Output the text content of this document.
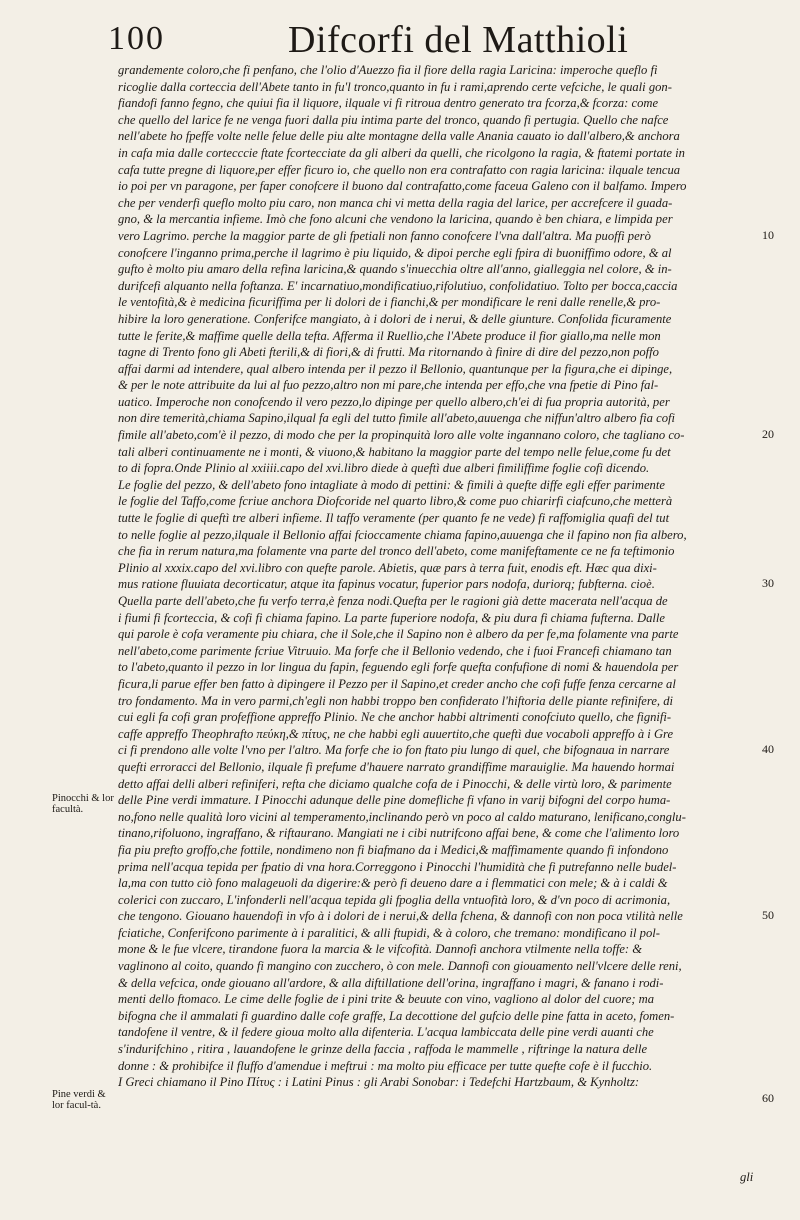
100	Difcorfi del Matthioli
grandemente coloro,che fi penfano, che l'olio d'Auezzo fia il fiore della ragia Laricina: imperoche queflo fi
ricoglie dalla corteccia dell'Abete tanto in fu'l tronco,quanto in fu i rami,aprendo certe vefciche, le quali gon-
fiandofi fanno fegno, che quiui fia il liquore, ilquale vi fi ritroua dentro generato tra fcorza,& fcorza: come
che quello del larice fe ne venga fuori dalla piu intima parte del tronco, quando fi pertugia. Quello che nafce
nell'abete ho fpeffe volte nelle felue delle piu alte montagne della valle Anania cauato io dall'albero,& anchora
in cafa mia dalle cortecccie ftate fcortecciate da gli alberi da quelli, che ricolgono la ragia, & ftatemi portate in
cafa tutte pregne di liquore,per effer ficuro io, che quello non era contrafatto con ragia laricina: ilquale tencua
io poi per vn paragone, per faper conofcere il buono dal contrafatto,come faceua Galeno con il balfamo. Impero
che per venderfi queflo molto piu caro, non manca chi vi metta della ragia del larice, per accrefcere il guada-
gno, & la mercantia infieme. Imò che fono alcuni che vendono la laricina, quando è ben chiara, e limpida per
vero Lagrimo. perche la maggior parte de gli fpetiali non fanno conofcere l'vna dall'altra. Ma puoffi però
conofcere l'inganno prima,perche il lagrimo è piu liquido, & dipoi perche egli fpira di buoniffimo odore, & al
gufto è molto piu amaro della refina laricina,& quando s'inuecchia oltre all'anno, gialleggia nel colore, & in-
durifcefi alquanto nella foftanza. E' incarnatiuo,mondificatiuo,rifolutiuo, confolidatiuo. Tolto per bocca,caccia
le ventofità,& è medicina ficuriffima per li dolori de i fianchi,& per mondificare le reni dalle renelle,& pro-
hibire la loro generatione. Conferifce mangiato, à i dolori de i nerui, & delle giunture. Confolida ficuramente
tutte le ferite,& maffime quelle della tefta. Afferma il Ruellio,che l'Abete produce il fior giallo,ma nelle mon
tagne di Trento fono gli Abeti fterili,& di fiori,& di frutti. Ma ritornando à finire di dire del pezzo,non poffo
affai darmi ad intendere, qual albero intenda per il pezzo il Bellonio, quantunque per la figura,che ei dipinge,
& per le note attribuite da lui al fuo pezzo,altro non mi pare,che intenda per effo,che vna fpetie di Pino fal-
uatico. Imperoche non conofcendo il vero pezzo,lo dipinge per quello albero,ch'ei di fua propria autorità, per
non dire temerità,chiama Sapino,ilqual fa egli del tutto fimile all'abeto,auuenga che niffun'altro albero fia cofi
fimile all'abeto,com'è il pezzo, di modo che per la propinquità loro alle volte ingannano coloro, che tagliano co-
tali alberi continuamente ne i monti, & viuono,& habitano la maggior parte del tempo nelle felue,come fu det
to di fopra.Onde Plinio al xxiiii.capo del xvi.libro diede à queftì due alberi fimiliffime foglie cofi dicendo.
Le foglie del pezzo, & dell'abeto fono intagliate à modo di pettini: & fimili à quefte diffe egli effer parimente
le foglie del Taffo,come fcriue anchora Diofcoride nel quarto libro,& come puo chiarirfi ciafcuno,che metterà
tutte le foglie di queftì tre alberi infieme. Il taffo veramente (per quanto fe ne vede) fi raffomiglia quafi del tut
to nelle foglie al pezzo,ilquale il Bellonio affai fcioccamente chiama fapino,auuenga che il fapino non fia albero,
che fia in rerum natura,ma folamente vna parte del tronco dell'abeto, come manifeftamente ce ne fa teftimonio
Plinio al xxxix.capo del xvi.libro con quefte parole. Abietis, quæ pars à terra fuit, enodis eft. Hæc qua dixi-
mus ratione fluuiata decorticatur, atque ita fapinus vocatur, fuperior pars nodofa, duriorq; fubfterna. cioè.
Quella parte dell'abeto,che fu verfo terra,è fenza nodi.Quefta per le ragioni già dette macerata nell'acqua de
i fiumi fi fcorteccia, & cofi fi chiama fapino. La parte fuperiore nodofa, & piu dura fi chiama fufterna. Dalle
qui parole è cofa veramente piu chiara, che il Sole,che il Sapino non è albero da per fe,ma folamente vna parte
nell'abeto,come parimente fcriue Vitruuio. Ma forfe che il Bellonio vedendo, che i fuoi Francefi chiamano tan
to l'abeto,quanto il pezzo in lor lingua du fapin, feguendo egli forfe quefta confufione di nomi & hauendola per
ficura,li parue effer ben fatto à dipingere il Pezzo per il Sapino,et creder ancho che cofi fuffe fenza cercarne al
tro fondamento. Ma in vero parmi,ch'egli non habbi troppo ben confiderato l'hiftoria delle piante refinifere, di
cui egli fa cofi gran profeffione appreffo Plinio. Ne che anchor habbi altrimenti conofciuto quello, che fignifi-
caffe appreffo Theophrafto πεύκη,& πίτυς, ne che habbi egli auuertito,che queftì due vocaboli appreffo à i Gre
ci fi prendono alle volte l'vno per l'altro. Ma forfe che io fon ftato piu lungo di quel, che bifognaua in narrare
quefti erroracci del Bellonio, ilquale fi prefume d'hauere narrato grandiffime marauiglie. Ma hauendo hormai
detto affai delli alberi refiniferi, refta che diciamo qualche cofa de i Pinocchi, & delle virtù loro, & parimente
delle Pine verdi immature. I Pinocchi adunque delle pine domefliche fi vfano in varij bifogni del corpo huma-
no,fono nelle qualità loro vicini al temperamento,inclinando però vn poco al caldo maturano, lenificano,conglu-
tinano,rifoluono, ingraffano, & riftaurano. Mangiati ne i cibi nutrifcono affai bene, & come che l'alimento loro
fia piu prefto groffo,che fottile, nondimeno non fi biafmano da i Medici,& maffimamente quando fi infondono
prima nell'acqua tepida per fpatio di vna hora.Correggono i Pinocchi l'humidità che fi putrefanno nelle budel-
la,ma con tutto ciò fono malageuoli da digerire:& però fi deueno dare a i flemmatici con mele; & à i caldi &
colerici con zuccaro, L'infonderli nell'acqua tepida gli fpoglia della vntuofità loro, & d'vn poco di acrimonia,
che tengono. Giouano hauendofi in vfo à i dolori de i nerui,& della fchena, & dannofi con non poca vtilità nelle
fciatiche, Conferifcono parimente à i paralitici, & alli ftupidi, & à coloro, che tremano: mondificano il pol-
mone & le fue vlcere, tirandone fuora la marcia & le vifcofità. Dannofi anchora vtilmente nella toffe: &
vaglinono al coito, quando fi mangino con zucchero, ò con mele. Dannofi con giouamento nell'vlcere delle reni,
& della vefcica, onde giouano all'ardore, & alla diftillatione dell'orina, ingraffano i magri, & fanano i rodi-
menti dello ftomaco. Le cime delle foglie de i pini trite & beuute con vino, vagliono al dolor del cuore; ma
bifogna che il ammalati fi guardino dalle cofe graffe, La decottione del gufcio delle pine fatta in aceto, fomen-
tandofene il ventre, & il federe gioua molto alla difenteria. L'acqua lambiccata delle pine verdi auanti che
s'indurifchino , ritira , lauandofene le grinze della faccia , raffoda le mammelle , riftringe la natura delle
donne : & prohibifce il fluffo d'amendue i meftrui : ma molto piu efficace per tutte quefte cofe è il fucchio.
I Greci chiamano il Pino Πίτυς : i Latini Pinus : gli Arabi Sonobar: i Tedefchi Hartzbaum, & Kynholtz:
10
20
30
40
50
60
Pinocchi & lor facultà.
Pine verdi & lor facul-tà.
gli
